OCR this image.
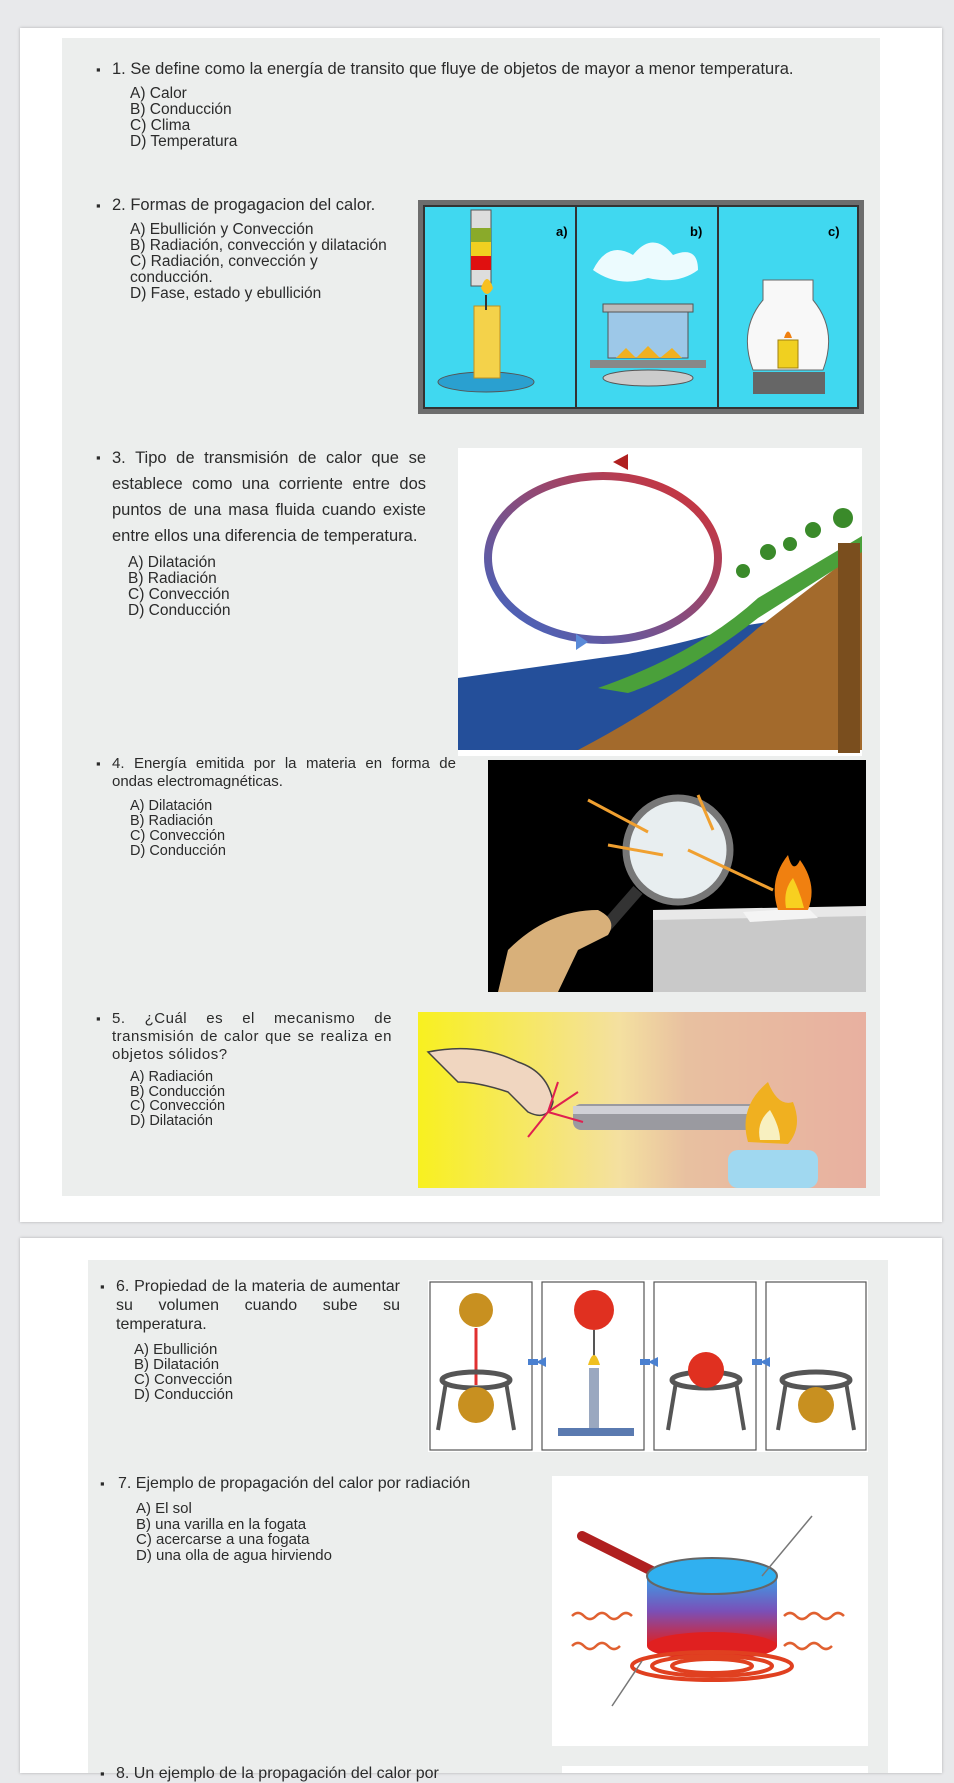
▪ 1. Se define como la energía de transito que fluye de objetos de mayor a menor temperatura.
A) Calor
B) Conducción
C) Clima
D) Temperatura
▪ 2. Formas de progagacion del calor.
A) Ebullición y Convección
B) Radiación, convección y dilatación
C) Radiación, convección y conducción.
D) Fase, estado y ebullición
a)	b)	c)
▪ 3. Tipo de transmisión de calor que se establece como una corriente entre dos puntos de una masa fluida cuando existe entre ellos una diferencia de temperatura.
A) Dilatación
B) Radiación
C) Convección
D) Conducción
▪ 4. Energía emitida por la materia en forma de ondas electromagnéticas.
A) Dilatación
B) Radiación
C) Convección
D) Conducción
▪ 5. ¿Cuál es el mecanismo de transmisión de calor que se realiza en objetos sólidos?
A) Radiación
B) Conducción
C) Convección
D) Dilatación
▪ 6. Propiedad de la materia de aumentar su volumen cuando sube su temperatura.
A) Ebullición
B) Dilatación
C) Convección
D) Conducción
▪ 7. Ejemplo de propagación del calor por radiación
A) El sol
B) una varilla en la fogata
C) acercarse a una fogata
D) una olla de agua hirviendo
▪ 8. Un ejemplo de la propagación del calor por
